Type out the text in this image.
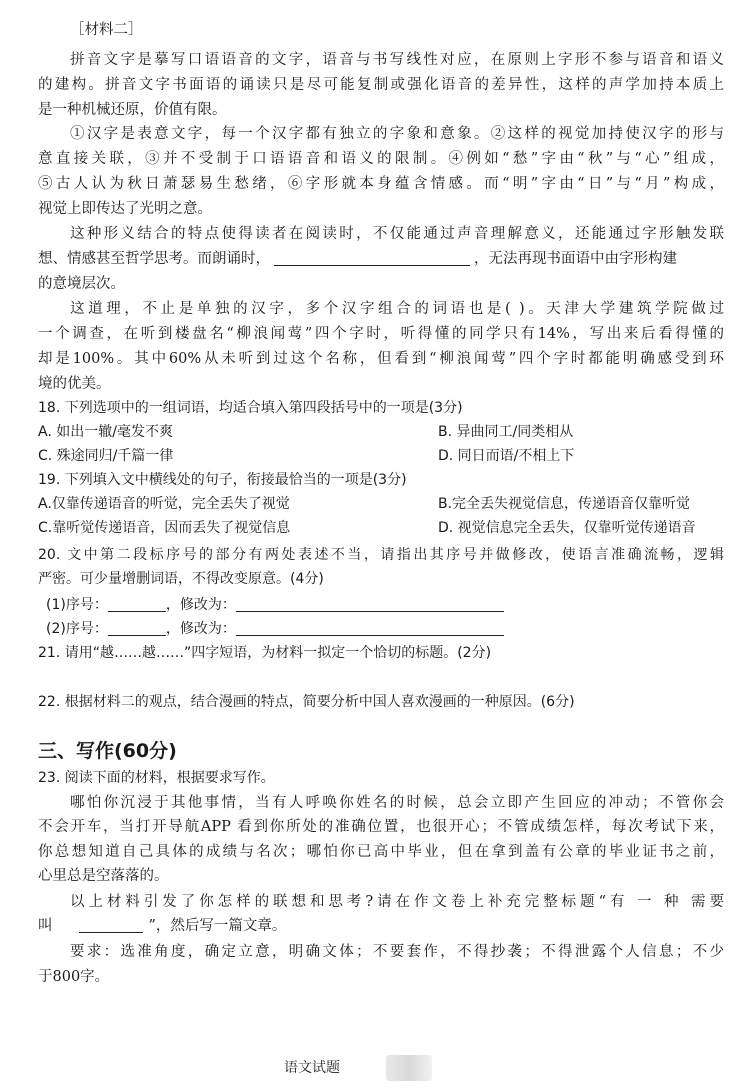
［材料二］
拼音文字是摹写口语语音的文字，语音与书写线性对应，在原则上字形不参与语音和语义
的建构。拼音文字书面语的诵读只是尽可能复制或强化语音的差异性，这样的声学加持本质上
是一种机械还原，价值有限。
①汉字是表意文字，每一个汉字都有独立的字象和意象。②这样的视觉加持使汉字的形与
意直接关联，③并不受制于口语语音和语义的限制。④例如“愁”字由“秋”与“心”组成，
⑤古人认为秋日萧瑟易生愁绪，⑥字形就本身蕴含情感。而“明”字由“日”与“月”构成，
视觉上即传达了光明之意。
这种形义结合的特点使得读者在阅读时，不仅能通过声音理解意义，还能通过字形触发联
想、情感甚至哲学思考。而朗诵时，	，无法再现书面语中由字形构建
的意境层次。
这道理，不止是单独的汉字，多个汉字组合的词语也是( )。天津大学建筑学院做过
一个调查，在听到楼盘名“柳浪闻莺”四个字时，听得懂的同学只有14%，写出来后看得懂的
却是100%。其中60%从未听到过这个名称，但看到“柳浪闻莺”四个字时都能明确感受到环
境的优美。
18. 下列选项中的一组词语，均适合填入第四段括号中的一项是(3分)
A. 如出一辙/毫发不爽	B. 异曲同工/同类相从
C. 殊途同归/千篇一律	D. 同日而语/不相上下
19. 下列填入文中横线处的句子，衔接最恰当的一项是(3分)
A.仅靠传递语音的听觉，完全丢失了视觉	B.完全丢失视觉信息，传递语音仅靠听觉
C.靠听觉传递语音，因而丢失了视觉信息	D. 视觉信息完全丢失，仅靠听觉传递语音
20. 文中第二段标序号的部分有两处表述不当，请指出其序号并做修改，使语言准确流畅，逻辑
严密。可少量增删词语，不得改变原意。(4分)
(1)序号：	，修改为：
(2)序号：	，修改为：
21. 请用“越……越……”四字短语，为材料一拟定一个恰切的标题。(2分)
22. 根据材料二的观点，结合漫画的特点，简要分析中国人喜欢漫画的一种原因。(6分)
三、写作(60分)
23. 阅读下面的材料，根据要求写作。
哪怕你沉浸于其他事情，当有人呼唤你姓名的时候，总会立即产生回应的冲动；不管你会
不会开车，当打开导航APP 看到你所处的准确位置，也很开心；不管成绩怎样，每次考试下来，
你总想知道自己具体的成绩与名次；哪怕你已高中毕业，但在拿到盖有公章的毕业证书之前，
心里总是空落落的。
以上材料引发了你怎样的联想和思考?请在作文卷上补充完整标题“有 一 种 需要
叫	”，然后写一篇文章。
要求：选准角度，确定立意，明确文体；不要套作，不得抄袭；不得泄露个人信息；不少
于800字。
语文试题
